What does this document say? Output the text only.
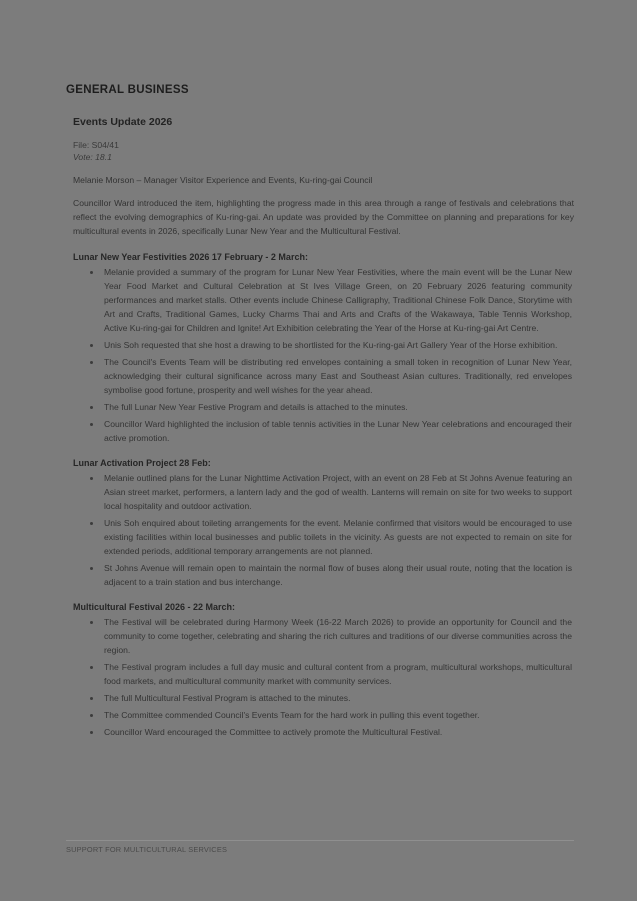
GENERAL BUSINESS
Events Update 2026
File: S04/41
Vote: 18.1
Melanie Morson – Manager Visitor Experience and Events, Ku-ring-gai Council
Councillor Ward introduced the item, highlighting the progress made in this area through a range of festivals and celebrations that reflect the evolving demographics of Ku-ring-gai. An update was provided by the Committee on planning and preparations for key multicultural events in 2026, specifically Lunar New Year and the Multicultural Festival.
Lunar New Year Festivities 2026 17 February - 2 March:
Melanie provided a summary of the program for Lunar New Year Festivities, where the main event will be the Lunar New Year Food Market and Cultural Celebration at St Ives Village Green, on 20 February 2026 featuring community performances and market stalls. Other events include Chinese Calligraphy, Traditional Chinese Folk Dance, Storytime with Art and Crafts, Traditional Games, Lucky Charms Thai and Arts and Crafts of the Wakawaya, Table Tennis Workshop, Active Ku-ring-gai for Children and Ignite! Art Exhibition celebrating the Year of the Horse at Ku-ring-gai Art Centre.
Unis Soh requested that she host a drawing to be shortlisted for the Ku-ring-gai Art Gallery Year of the Horse exhibition.
The Council's Events Team will be distributing red envelopes containing a small token in recognition of Lunar New Year, acknowledging their cultural significance across many East and Southeast Asian cultures. Traditionally, red envelopes symbolise good fortune, prosperity and well wishes for the year ahead.
The full Lunar New Year Festive Program and details is attached to the minutes.
Councillor Ward highlighted the inclusion of table tennis activities in the Lunar New Year celebrations and encouraged their active promotion.
Lunar Activation Project 28 Feb:
Melanie outlined plans for the Lunar Nighttime Activation Project, with an event on 28 Feb at St Johns Avenue featuring an Asian street market, performers, a lantern lady and the god of wealth. Lanterns will remain on site for two weeks to support local hospitality and outdoor activation.
Unis Soh enquired about toileting arrangements for the event. Melanie confirmed that visitors would be encouraged to use existing facilities within local businesses and public toilets in the vicinity. As guests are not expected to remain on site for extended periods, additional temporary arrangements are not planned.
St Johns Avenue will remain open to maintain the normal flow of buses along their usual route, noting that the location is adjacent to a train station and bus interchange.
Multicultural Festival 2026 - 22 March:
The Festival will be celebrated during Harmony Week (16-22 March 2026) to provide an opportunity for Council and the community to come together, celebrating and sharing the rich cultures and traditions of our diverse communities across the region.
The Festival program includes a full day music and cultural content from a program, multicultural workshops, multicultural food markets, and multicultural community market with community services.
The full Multicultural Festival Program is attached to the minutes.
The Committee commended Council's Events Team for the hard work in pulling this event together.
Councillor Ward encouraged the Committee to actively promote the Multicultural Festival.
SUPPORT FOR MULTICULTURAL SERVICES
